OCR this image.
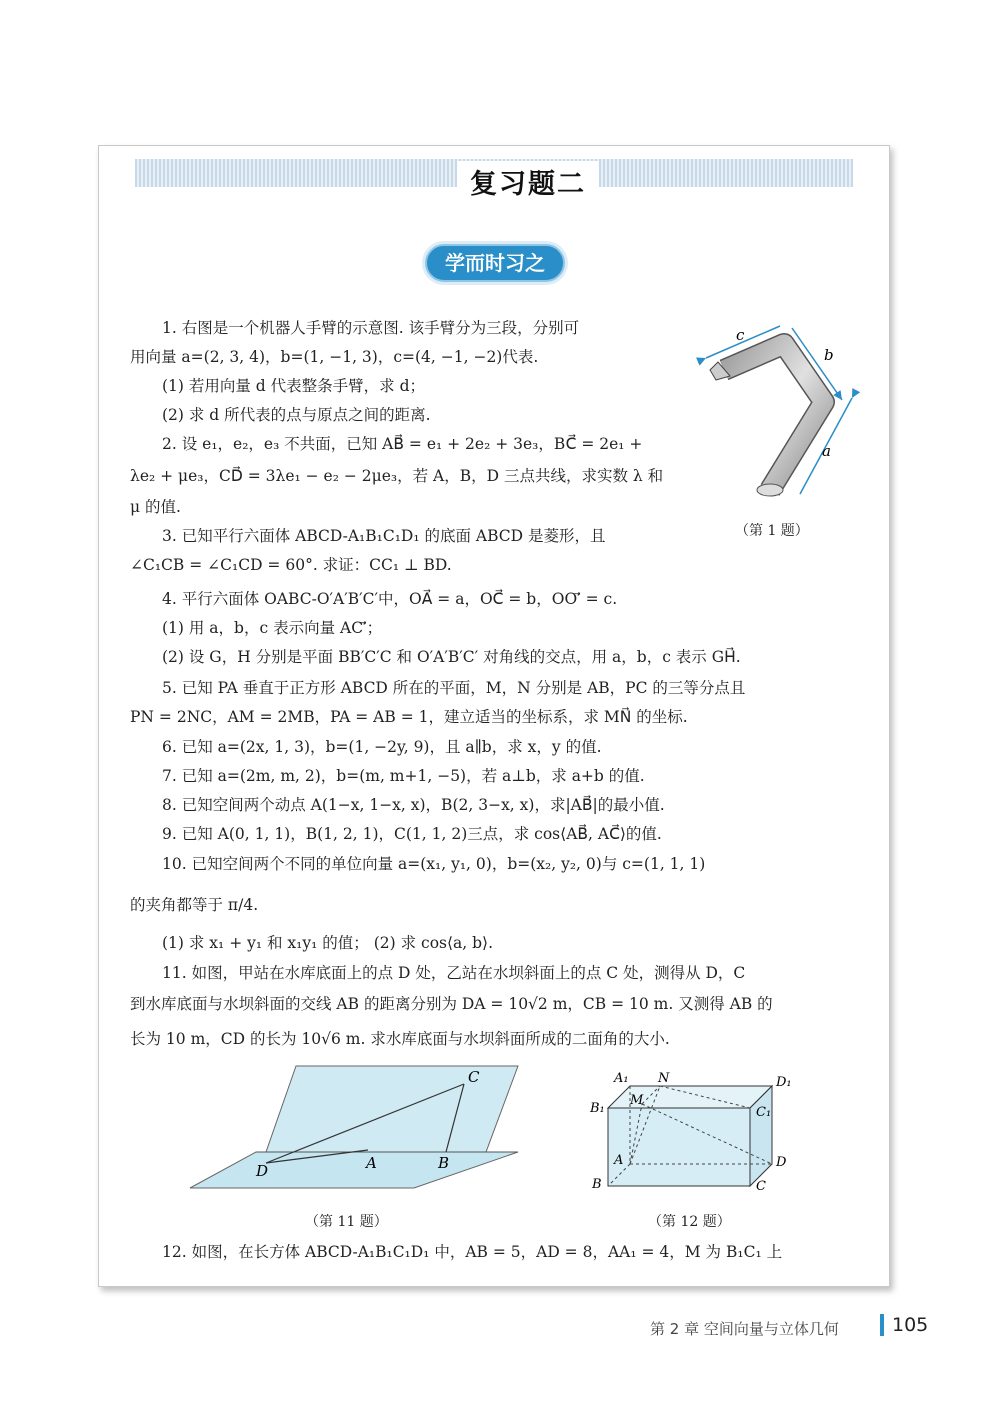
复习题二
学而时习之
1. 右图是一个机器人手臂的示意图. 该手臂分为三段，分别可
用向量 a=(2, 3, 4)，b=(1, −1, 3)，c=(4, −1, −2)代表.
(1) 若用向量 d 代表整条手臂，求 d；
(2) 求 d 所代表的点与原点之间的距离.
2. 设 e₁，e₂，e₃ 不共面，已知 AB⃗ = e₁ + 2e₂ + 3e₃，BC⃗ = 2e₁ +
λe₂ + μe₃，CD⃗ = 3λe₁ − e₂ − 2μe₃，若 A，B，D 三点共线，求实数 λ 和
μ 的值.
3. 已知平行六面体 ABCD-A₁B₁C₁D₁ 的底面 ABCD 是菱形，且
∠C₁CB = ∠C₁CD = 60°. 求证：CC₁ ⊥ BD.
4. 平行六面体 OABC-O′A′B′C′中，OA⃗ = a，OC⃗ = b，OO′⃗ = c.
(1) 用 a，b，c 表示向量 AC′⃗；
(2) 设 G，H 分别是平面 BB′C′C 和 O′A′B′C′ 对角线的交点，用 a，b，c 表示 GH⃗.
5. 已知 PA 垂直于正方形 ABCD 所在的平面，M，N 分别是 AB，PC 的三等分点且
PN = 2NC，AM = 2MB，PA = AB = 1，建立适当的坐标系，求 MN⃗ 的坐标.
6. 已知 a=(2x, 1, 3)，b=(1, −2y, 9)，且 a∥b，求 x，y 的值.
7. 已知 a=(2m, m, 2)，b=(m, m+1, −5)，若 a⊥b，求 a+b 的值.
8. 已知空间两个动点 A(1−x, 1−x, x)，B(2, 3−x, x)，求|AB⃗|的最小值.
9. 已知 A(0, 1, 1)，B(1, 2, 1)，C(1, 1, 2)三点，求 cos⟨AB⃗, AC⃗⟩的值.
10. 已知空间两个不同的单位向量 a=(x₁, y₁, 0)，b=(x₂, y₂, 0)与 c=(1, 1, 1)
的夹角都等于 π/4.
(1) 求 x₁ + y₁ 和 x₁y₁ 的值； (2) 求 cos⟨a, b⟩.
11. 如图，甲站在水库底面上的点 D 处，乙站在水坝斜面上的点 C 处，测得从 D，C
到水库底面与水坝斜面的交线 AB 的距离分别为 DA = 10√2 m，CB = 10 m. 又测得 AB 的
长为 10 m，CD 的长为 10√6 m. 求水库底面与水坝斜面所成的二面角的大小.
12. 如图，在长方体 ABCD-A₁B₁C₁D₁ 中，AB = 5，AD = 8，AA₁ = 4，M 为 B₁C₁ 上
c
b
a
（第 1 题）
C
A	B
D
（第 11 题）
A₁ N	D₁
B₁
M
C₁
A	D
B	C
（第 12 题）
第 2 章 空间向量与立体几何	105
